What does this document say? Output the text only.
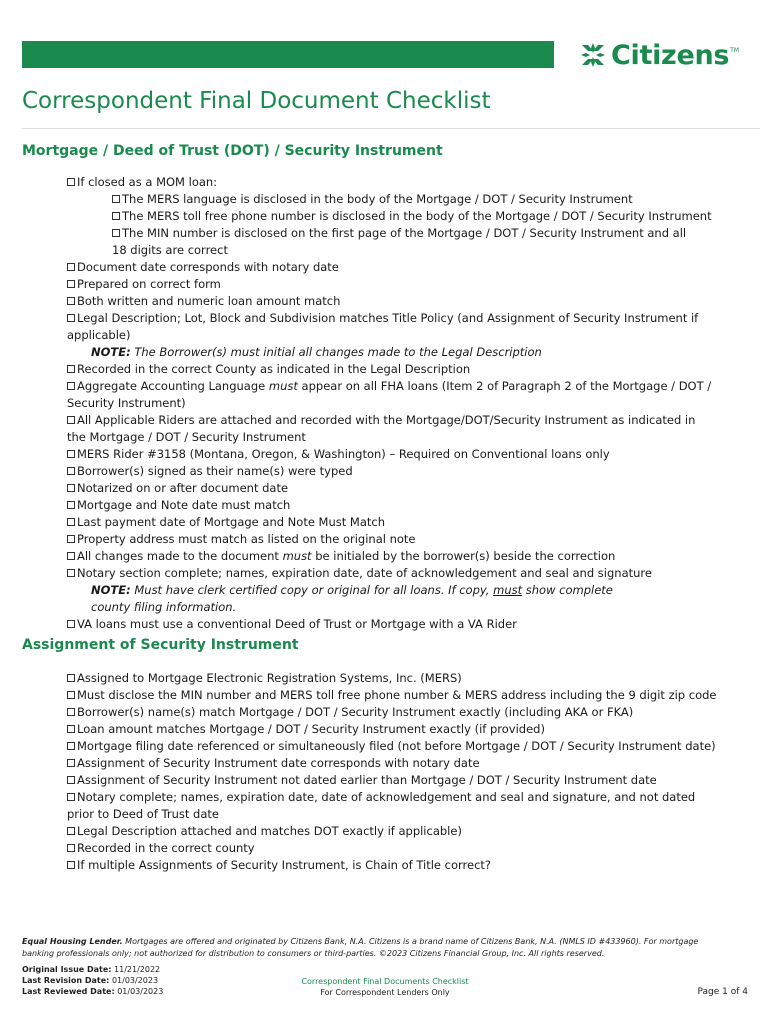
Citizens TM
Correspondent Final Document Checklist
Mortgage / Deed of Trust (DOT) / Security Instrument
If closed as a MOM loan:
The MERS language is disclosed in the body of the Mortgage / DOT / Security Instrument
The MERS toll free phone number is disclosed in the body of the Mortgage / DOT / Security Instrument
The MIN number is disclosed on the first page of the Mortgage / DOT / Security Instrument and all
18 digits are correct
Document date corresponds with notary date
Prepared on correct form
Both written and numeric loan amount match
Legal Description; Lot, Block and Subdivision matches Title Policy (and Assignment of Security Instrument if applicable)
NOTE: The Borrower(s) must initial all changes made to the Legal Description
Recorded in the correct County as indicated in the Legal Description
Aggregate Accounting Language must appear on all FHA loans (Item 2 of Paragraph 2 of the Mortgage / DOT / Security Instrument)
All Applicable Riders are attached and recorded with the Mortgage/DOT/Security Instrument as indicated in the Mortgage / DOT / Security Instrument
MERS Rider #3158 (Montana, Oregon, & Washington) – Required on Conventional loans only
Borrower(s) signed as their name(s) were typed
Notarized on or after document date
Mortgage and Note date must match
Last payment date of Mortgage and Note Must Match
Property address must match as listed on the original note
All changes made to the document must be initialed by the borrower(s) beside the correction
Notary section complete; names, expiration date, date of acknowledgement and seal and signature
NOTE: Must have clerk certified copy or original for all loans. If copy, must show complete
county filing information.
VA loans must use a conventional Deed of Trust or Mortgage with a VA Rider
Assignment of Security Instrument
Assigned to Mortgage Electronic Registration Systems, Inc. (MERS)
Must disclose the MIN number and MERS toll free phone number & MERS address including the 9 digit zip code
Borrower(s) name(s) match Mortgage / DOT / Security Instrument exactly (including AKA or FKA)
Loan amount matches Mortgage / DOT / Security Instrument exactly (if provided)
Mortgage filing date referenced or simultaneously filed (not before Mortgage / DOT / Security Instrument date)
Assignment of Security Instrument date corresponds with notary date
Assignment of Security Instrument not dated earlier than Mortgage / DOT / Security Instrument date
Notary complete; names, expiration date, date of acknowledgement and seal and signature, and not dated prior to Deed of Trust date
Legal Description attached and matches DOT exactly if applicable)
Recorded in the correct county
If multiple Assignments of Security Instrument, is Chain of Title correct?
Equal Housing Lender. Mortgages are offered and originated by Citizens Bank, N.A. Citizens is a brand name of Citizens Bank, N.A. (NMLS ID #433960). For mortgage banking professionals only; not authorized for distribution to consumers or third-parties. ©2023 Citizens Financial Group, Inc. All rights reserved.
Original Issue Date: 11/21/2022
Last Revision Date: 01/03/2023
Last Reviewed Date: 01/03/2023
Correspondent Final Documents Checklist
For Correspondent Lenders Only	Page 1 of 4
